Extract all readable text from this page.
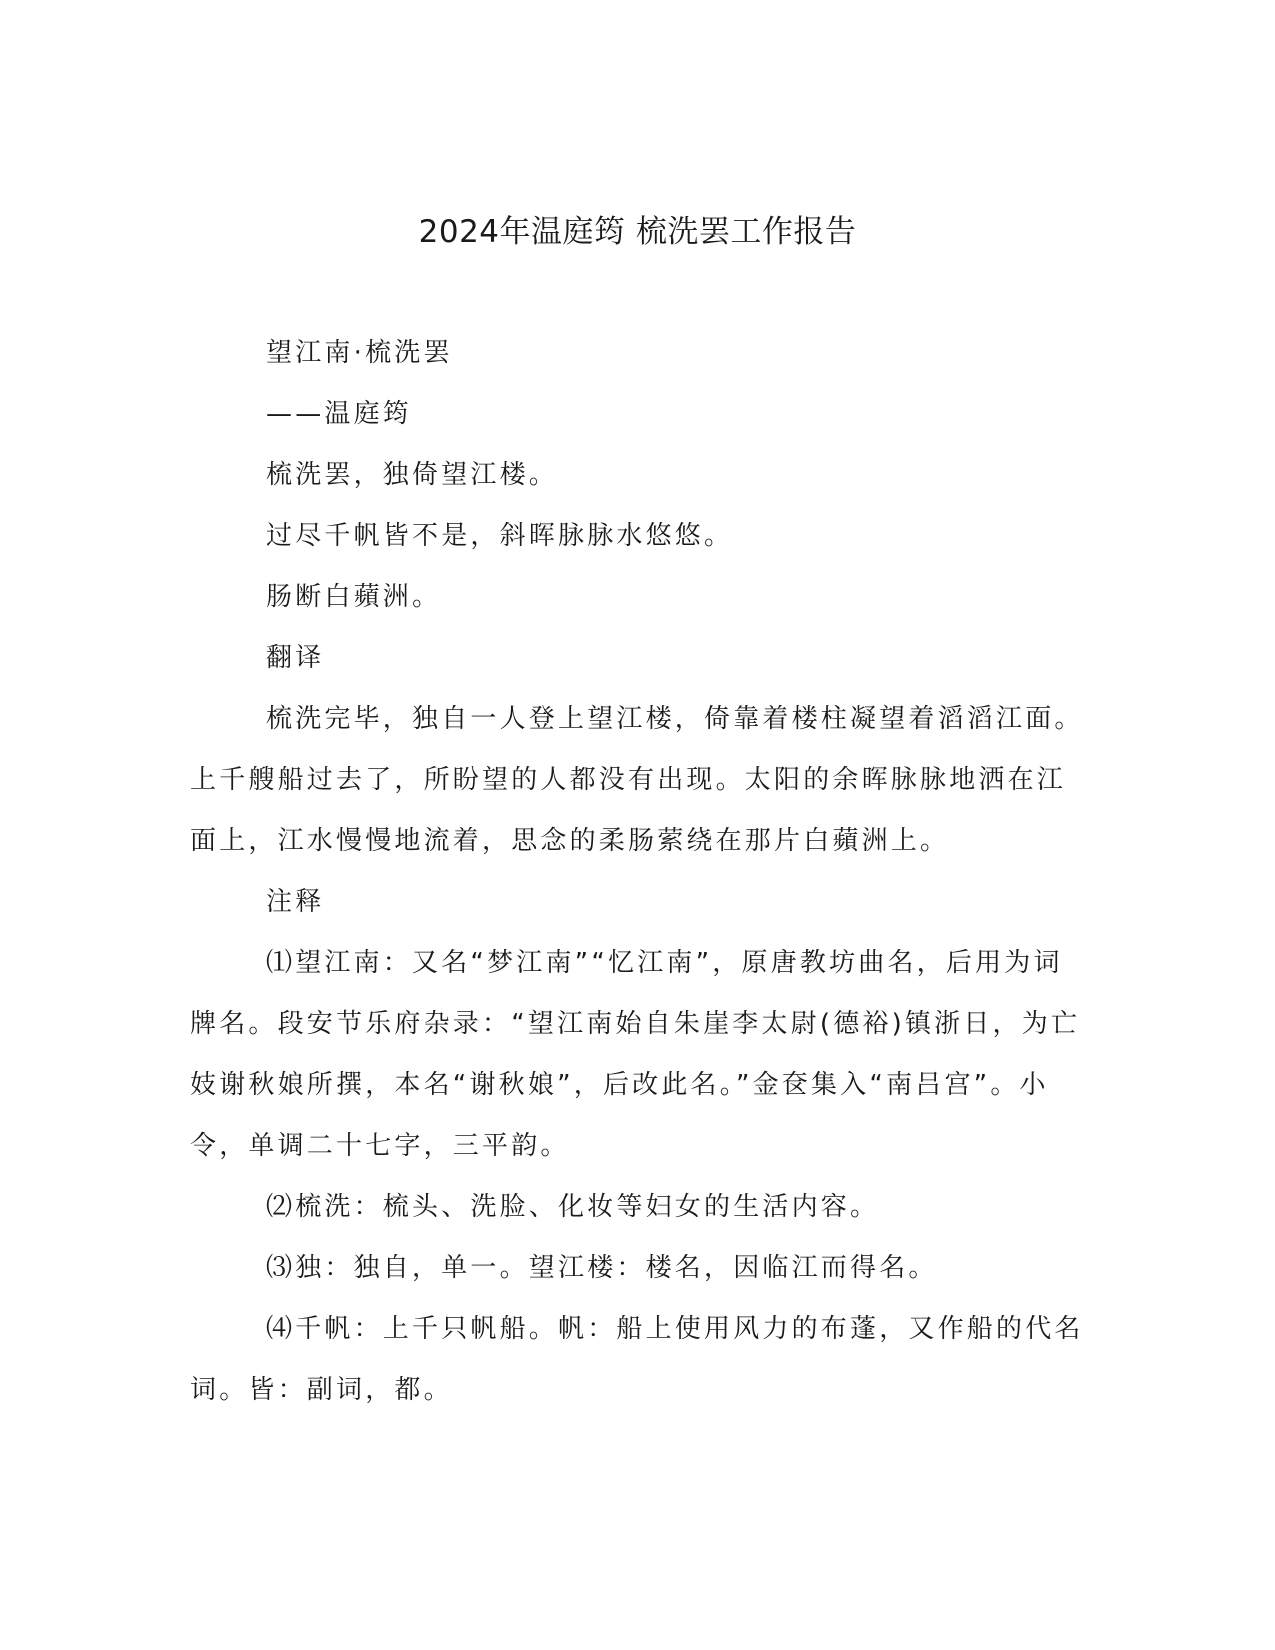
2024年温庭筠 梳洗罢工作报告

望江南·梳洗罢

——温庭筠

梳洗罢，独倚望江楼。

过尽千帆皆不是，斜晖脉脉水悠悠。

肠断白蘋洲。

翻译

梳洗完毕，独自一人登上望江楼，倚靠着楼柱凝望着滔滔江面。上千艘船过去了，所盼望的人都没有出现。太阳的余晖脉脉地洒在江面上，江水慢慢地流着，思念的柔肠萦绕在那片白蘋洲上。

注释

⑴望江南：又名“梦江南”“忆江南”，原唐教坊曲名，后用为词牌名。段安节乐府杂录：“望江南始自朱崖李太尉(德裕)镇浙日，为亡妓谢秋娘所撰，本名“谢秋娘”，后改此名。”金奁集入“南吕宫”。小令，单调二十七字，三平韵。

⑵梳洗：梳头、洗脸、化妆等妇女的生活内容。

⑶独：独自，单一。望江楼：楼名，因临江而得名。

⑷千帆：上千只帆船。帆：船上使用风力的布蓬，又作船的代名词。皆：副词，都。
